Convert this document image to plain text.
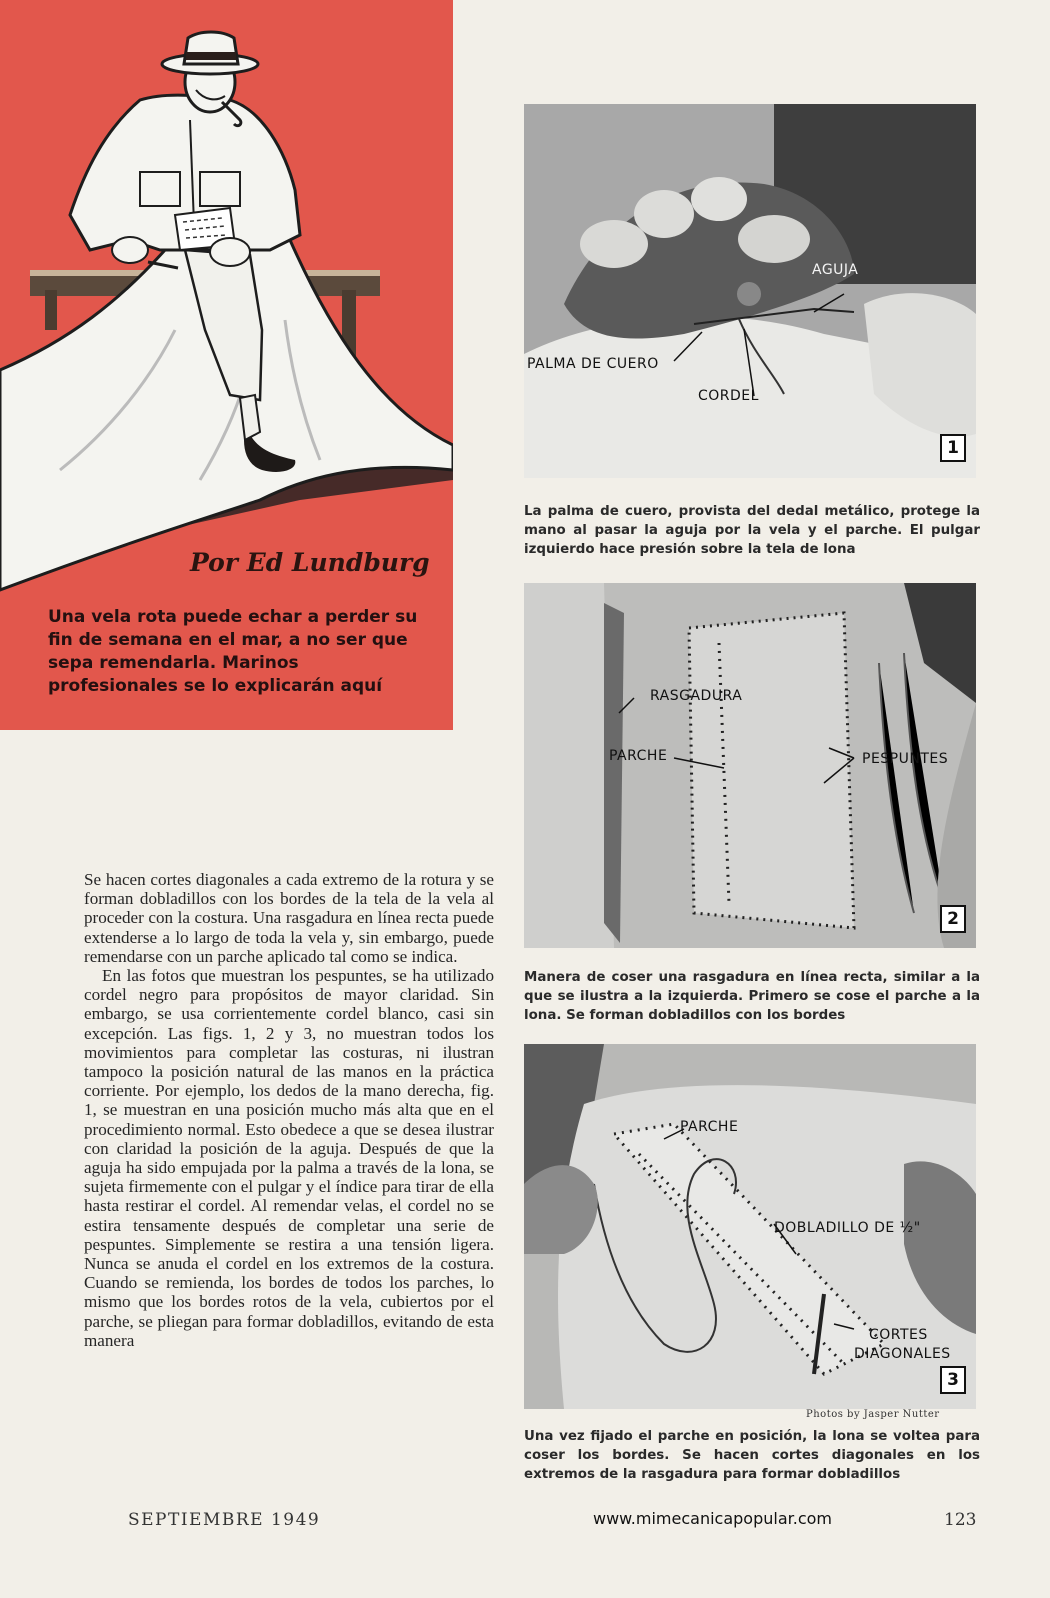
Por Ed Lundburg
Una vela rota puede echar a perder su fin de semana en el mar, a no ser que sepa remendarla. Marinos profesionales se lo explicarán aquí

Se hacen cortes diagonales a cada extremo de la rotura y se forman dobladillos con los bordes de la tela de la vela al proceder con la costura. Una rasgadura en línea recta puede extenderse a lo largo de toda la vela y, sin embargo, puede remendarse con un parche aplicado tal como se indica.

En las fotos que muestran los pespuntes, se ha utilizado cordel negro para propósitos de mayor claridad. Sin embargo, se usa corrientemente cordel blanco, casi sin excepción. Las figs. 1, 2 y 3, no muestran todos los movimientos para completar las costuras, ni ilustran tampoco la posición natural de las manos en la práctica corriente. Por ejemplo, los dedos de la mano derecha, fig. 1, se muestran en una posición mucho más alta que en el procedimiento normal. Esto obedece a que se desea ilustrar con claridad la posición de la aguja. Después de que la aguja ha sido empujada por la palma a través de la lona, se sujeta firmemente con el pulgar y el índice para tirar de ella hasta restirar el cordel. Al remendar velas, el cordel no se estira tensamente después de completar una serie de pespuntes. Simplemente se restira a una tensión ligera. Nunca se anuda el cordel en los extremos de la costura. Cuando se remienda, los bordes de todos los parches, lo mismo que los bordes rotos de la vela, cubiertos por el parche, se pliegan para formar dobladillos, evitando de esta manera

AGUJA
PALMA DE CUERO
CORDEL
1
La palma de cuero, provista del dedal metálico, protege la mano al pasar la aguja por la vela y el parche. El pulgar izquierdo hace presión sobre la tela de lona
RASGADURA
PARCHE	PESPUNTES
2
Manera de coser una rasgadura en línea recta, similar a la que se ilustra a la izquierda. Primero se cose el parche a la lona. Se forman dobladillos con los bordes
PARCHE
DOBLADILLO DE ½"
CORTES
DIAGONALES
3
Photos by Jasper Nutter
Una vez fijado el parche en posición, la lona se voltea para coser los bordes. Se hacen cortes diagonales en los extremos de la rasgadura para formar dobladillos
SEPTIEMBRE 1949	www.mimecanicapopular.com	123
